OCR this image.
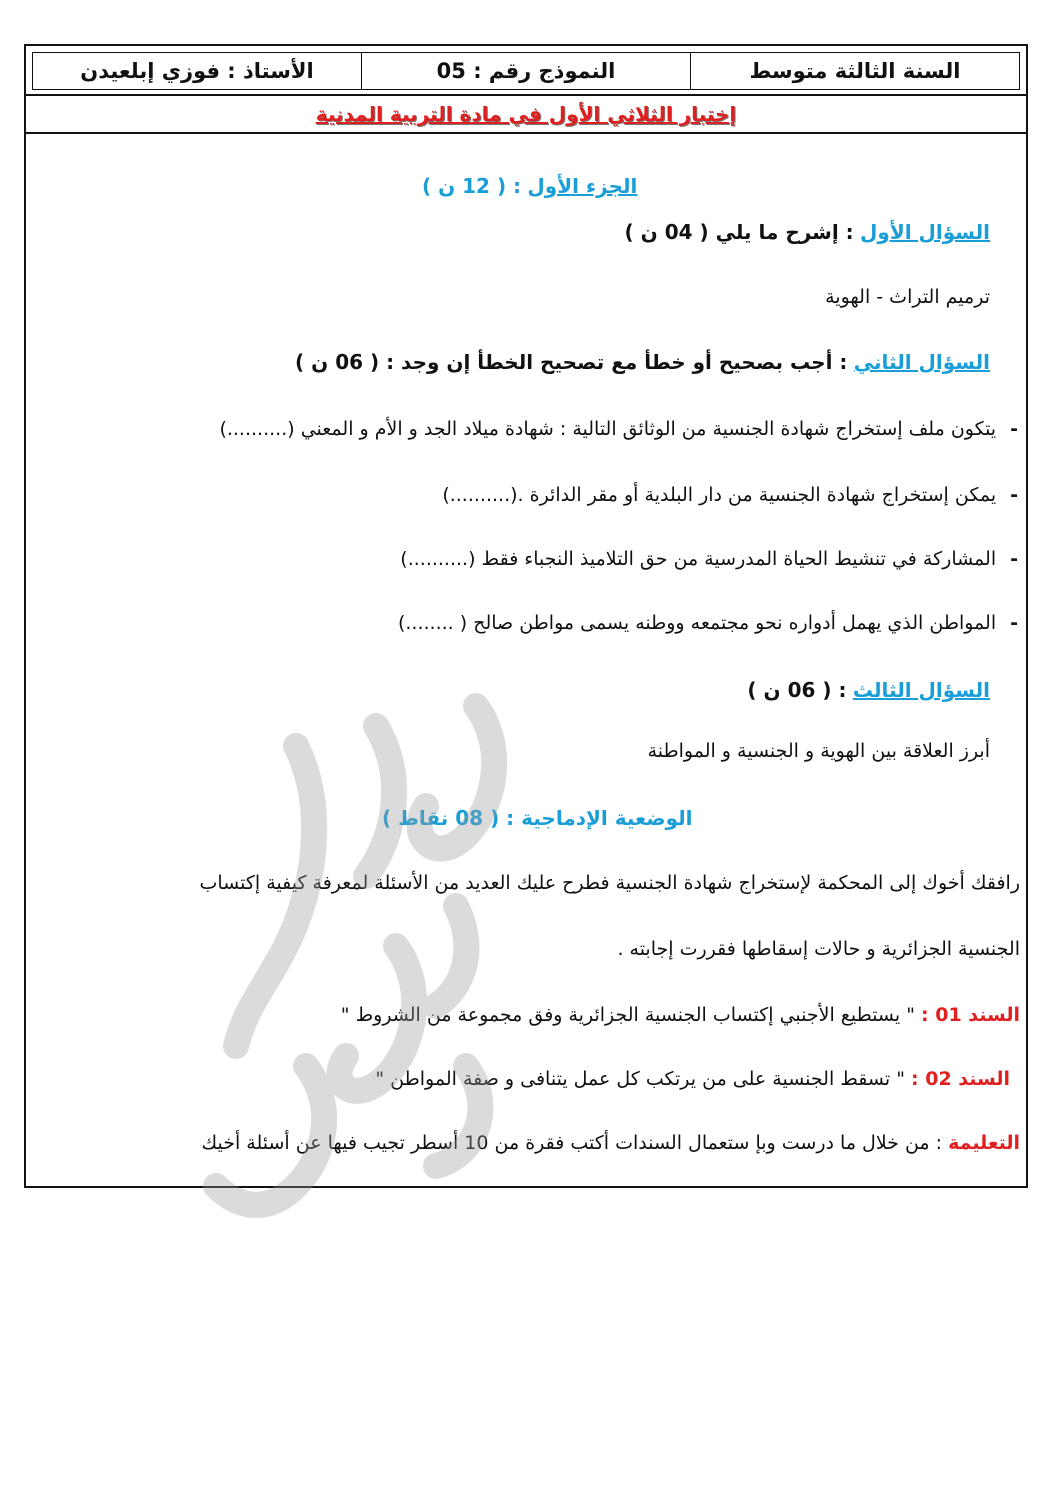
السنة الثالثة متوسط
النموذج رقم : 05
الأستاذ : فوزي إبلعيدن
إختبار الثلاثي الأول في مادة التربية المدنية
الجزء الأول : ( 12 ن )
السؤال الأول : إشرح ما يلي ( 04 ن )
ترميم التراث - الهوية
السؤال الثاني : أجب بصحيح أو خطأ مع تصحيح الخطأ إن وجد : ( 06 ن )
-يتكون ملف إستخراج شهادة الجنسية من الوثائق التالية : شهادة ميلاد الجد و الأم و المعني (..........)
-يمكن إستخراج شهادة الجنسية من دار البلدية أو مقر الدائرة .(..........)
-المشاركة في تنشيط الحياة المدرسية من حق التلاميذ النجباء فقط (..........)
-المواطن الذي يهمل أدواره نحو مجتمعه ووطنه يسمى مواطن صالح ( ........)
السؤال الثالث : ( 06 ن )
أبرز العلاقة بين الهوية و الجنسية و المواطنة
الوضعية الإدماجية : ( 08 نقاط )
رافقك أخوك إلى المحكمة لإستخراج شهادة الجنسية فطرح عليك العديد من الأسئلة لمعرفة كيفية إكتساب
الجنسية الجزائرية و حالات إسقاطها فقررت إجابته .
السند 01 : " يستطيع الأجنبي إكتساب الجنسية الجزائرية وفق مجموعة من الشروط "
السند 02 : " تسقط الجنسية على من يرتكب كل عمل يتنافى و صفة المواطن "
التعليمة : من خلال ما درست وبإ ستعمال السندات أكتب فقرة من 10 أسطر تجيب فيها عن أسئلة أخيك
